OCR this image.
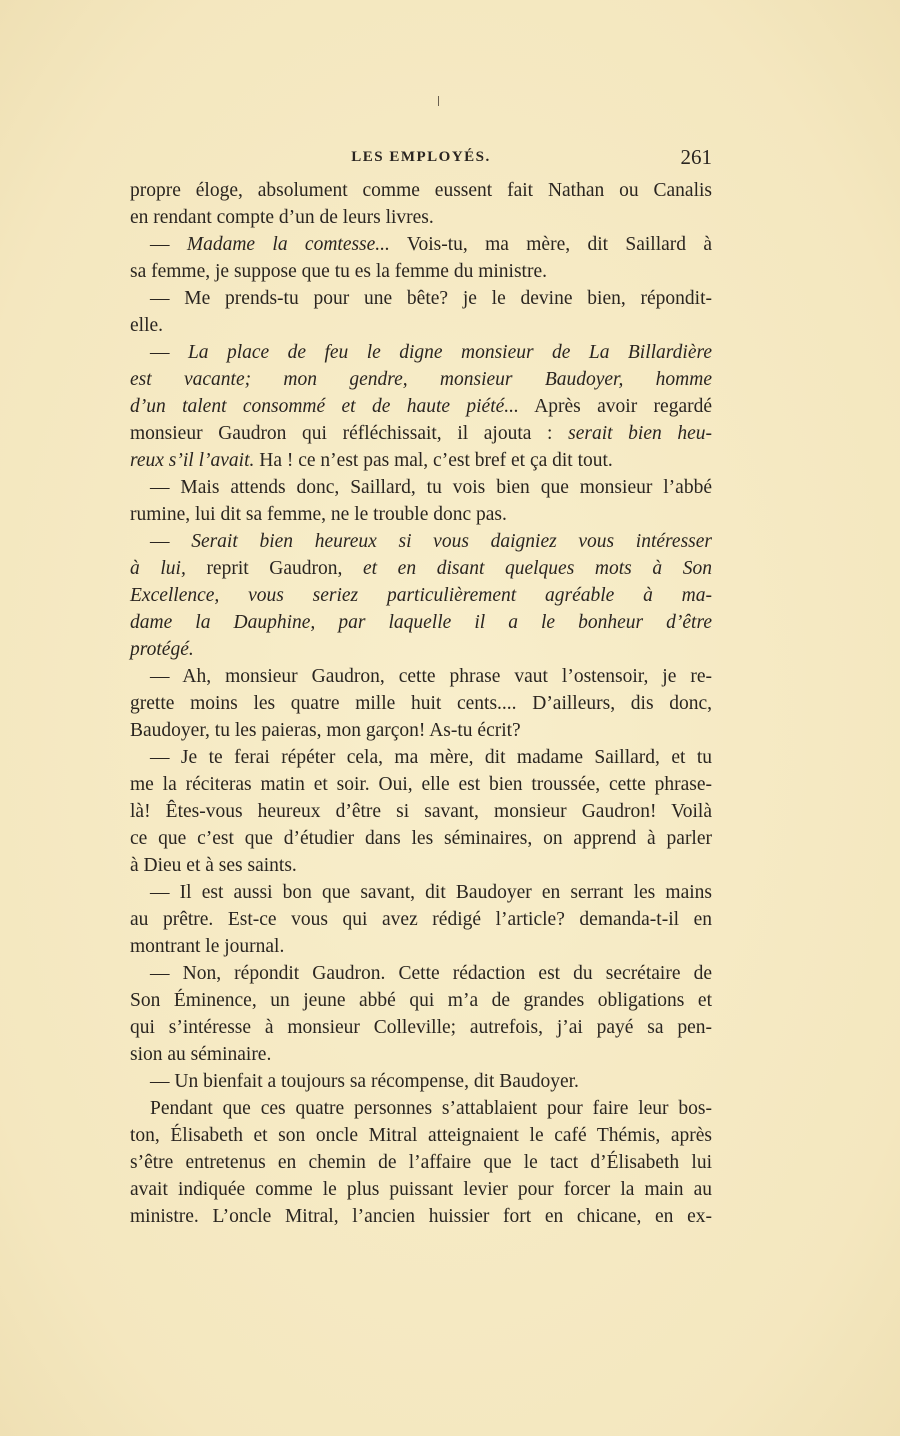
LES EMPLOYÉS.	261
propre éloge, absolument comme eussent fait Nathan ou Canalis
en rendant compte d’un de leurs livres.
— Madame la comtesse... Vois-tu, ma mère, dit Saillard à
sa femme, je suppose que tu es la femme du ministre.
— Me prends-tu pour une bête? je le devine bien, répondit-
elle.
— La place de feu le digne monsieur de La Billardière
est vacante; mon gendre, monsieur Baudoyer, homme
d’un talent consommé et de haute piété... Après avoir regardé
monsieur Gaudron qui réfléchissait, il ajouta : serait bien heu-
reux s’il l’avait. Ha ! ce n’est pas mal, c’est bref et ça dit tout.
— Mais attends donc, Saillard, tu vois bien que monsieur l’abbé
rumine, lui dit sa femme, ne le trouble donc pas.
— Serait bien heureux si vous daigniez vous intéresser
à lui, reprit Gaudron, et en disant quelques mots à Son
Excellence, vous seriez particulièrement agréable à ma-
dame la Dauphine, par laquelle il a le bonheur d’être
protégé.
— Ah, monsieur Gaudron, cette phrase vaut l’ostensoir, je re-
grette moins les quatre mille huit cents.... D’ailleurs, dis donc,
Baudoyer, tu les paieras, mon garçon! As-tu écrit?
— Je te ferai répéter cela, ma mère, dit madame Saillard, et tu
me la réciteras matin et soir. Oui, elle est bien troussée, cette phrase-
là! Êtes-vous heureux d’être si savant, monsieur Gaudron! Voilà
ce que c’est que d’étudier dans les séminaires, on apprend à parler
à Dieu et à ses saints.
— Il est aussi bon que savant, dit Baudoyer en serrant les mains
au prêtre. Est-ce vous qui avez rédigé l’article? demanda-t-il en
montrant le journal.
— Non, répondit Gaudron. Cette rédaction est du secrétaire de
Son Éminence, un jeune abbé qui m’a de grandes obligations et
qui s’intéresse à monsieur Colleville; autrefois, j’ai payé sa pen-
sion au séminaire.
— Un bienfait a toujours sa récompense, dit Baudoyer.
Pendant que ces quatre personnes s’attablaient pour faire leur bos-
ton, Élisabeth et son oncle Mitral atteignaient le café Thémis, après
s’être entretenus en chemin de l’affaire que le tact d’Élisabeth lui
avait indiquée comme le plus puissant levier pour forcer la main au
ministre. L’oncle Mitral, l’ancien huissier fort en chicane, en ex-
